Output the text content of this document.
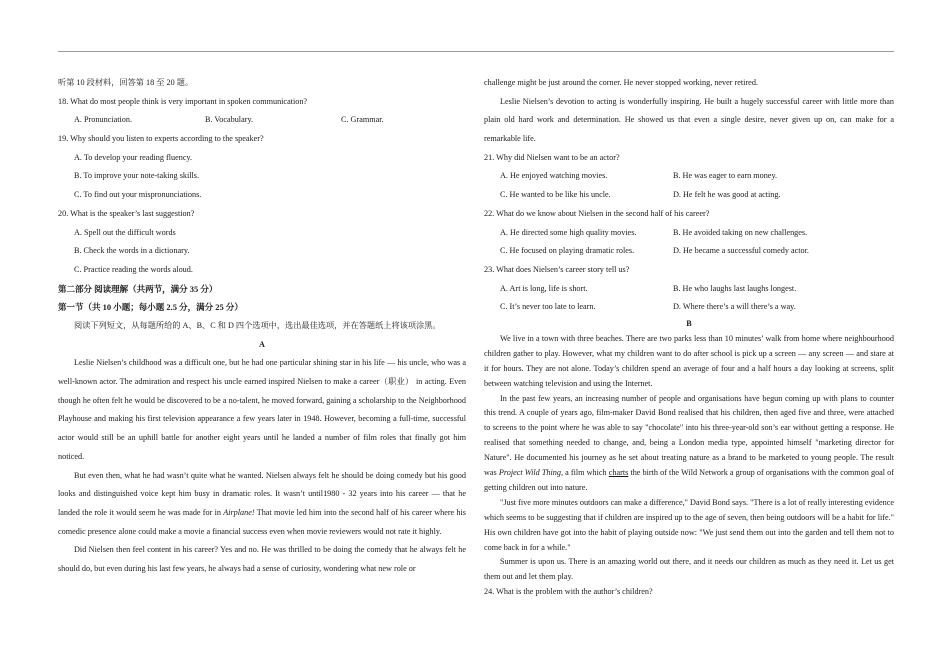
听第 10 段材料，回答第 18 至 20 题。
18. What do most people think is very important in spoken communication?
A. Pronunciation.	B. Vocabulary.	C. Grammar.
19. Why should you listen to experts according to the speaker?
A. To develop your reading fluency.
B. To improve your note-taking skills.
C. To find out your mispronunciations.
20. What is the speaker’s last suggestion?
A. Spell out the difficult words
B. Check the words in a dictionary.
C. Practice reading the words aloud.
第二部分 阅读理解（共两节，满分 35 分）
第一节（共 10 小题；每小题 2.5 分，满分 25 分）
阅读下列短文，从每题所给的 A、B、C 和 D 四个选项中，选出最佳选项，并在答题纸上将该项涂黑。
A

Leslie Nielsen’s childhood was a difficult one, but he had one particular shining star in his life — his uncle, who was a well-known actor. The admiration and respect his uncle earned inspired Nielsen to make a career（职业） in acting. Even though he often felt he would be discovered to be a no-talent, he moved forward, gaining a scholarship to the Neighborhood Playhouse and making his first television appearance a few years later in 1948. However, becoming a full-time, successful actor would still be an uphill battle for another eight years until he landed a number of film roles that finally got him noticed.

But even then, what he had wasn’t quite what he wanted. Nielsen always felt he should be doing comedy but his good looks and distinguished voice kept him busy in dramatic roles. It wasn’t until1980 - 32 years into his career — that he landed the role it would seem he was made for in Airplane! That movie led him into the second half of his career where his comedic presence alone could make a movie a financial success even when movie reviewers would not rate it highly.

Did Nielsen then feel content in his career? Yes and no. He was thrilled to be doing the comedy that he always felt he should do, but even during his last few years, he always had a sense of curiosity, wondering what new role or

challenge might be just around the corner. He never stopped working, never retired.

Leslie Nielsen’s devotion to acting is wonderfully inspiring. He built a hugely successful career with little more than plain old hard work and determination. He showed us that even a single desire, never given up on, can make for a remarkable life.

21. Why did Nielsen want to be an actor?
A. He enjoyed watching movies.	B. He was eager to earn money.
C. He wanted to be like his uncle.	D. He felt he was good at acting.
22. What do we know about Nielsen in the second half of his career?
A. He directed some high quality movies.	B. He avoided taking on new challenges.
C. He focused on playing dramatic roles.	D. He became a successful comedy actor.
23. What does Nielsen’s career story tell us?
A. Art is long, life is short.	B. He who laughs last laughs longest.
C. It’s never too late to learn.	D. Where there’s a will there’s a way.
B

We live in a town with three beaches. There are two parks less than 10 minutes’ walk from home where neighbourhood children gather to play. However, what my children want to do after school is pick up a screen — any screen — and stare at it for hours. They are not alone. Today’s children spend an average of four and a half hours a day looking at screens, split between watching television and using the Internet.

In the past few years, an increasing number of people and organisations have begun coming up with plans to counter this trend. A couple of years ago, film-maker David Bond realised that his children, then aged five and three, were attached to screens to the point where he was able to say "chocolate" into his three-year-old son’s ear without getting a response. He realised that something needed to change, and, being a London media type, appointed himself "marketing director for Nature". He documented his journey as he set about treating nature as a brand to be marketed to young people. The result was Project Wild Thing, a film which charts the birth of the Wild Network a group of organisations with the common goal of getting children out into nature.

"Just five more minutes outdoors can make a difference," David Bond says. "There is a lot of really interesting evidence which seems to be suggesting that if children are inspired up to the age of seven, then being outdoors will be a habit for life." His own children have got into the habit of playing outside now: "We just send them out into the garden and tell them not to come back in for a while."

Summer is upon us. There is an amazing world out there, and it needs our children as much as they need it. Let us get them out and let them play.

24. What is the problem with the author’s children?
